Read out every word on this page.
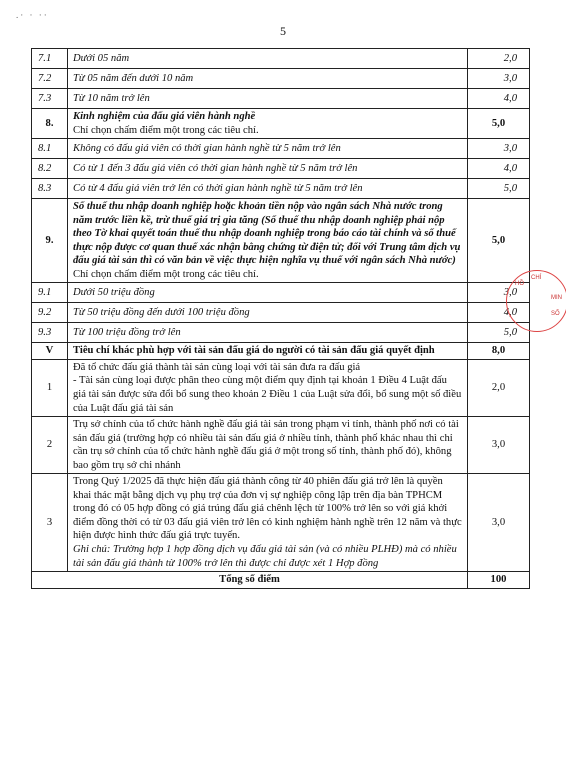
.· · ··
5
7.1	Dưới 05 năm	2,0
7.2	Từ 05 năm đến dưới 10 năm	3,0
7.3	Từ 10 năm trở lên	4,0
8.	Kinh nghiệm của đấu giá viên hành nghề
Chỉ chọn chấm điểm một trong các tiêu chí.	5,0
8.1	Không có đấu giá viên có thời gian hành nghề từ 5 năm trở lên	3,0
8.2	Có từ 1 đến 3 đấu giá viên có thời gian hành nghề từ 5 năm trở lên	4,0
8.3	Có từ 4 đấu giá viên trở lên có thời gian hành nghề từ 5 năm trở lên	5,0
9.	Số thuế thu nhập doanh nghiệp hoặc khoản tiền nộp vào ngân sách Nhà nước trong năm trước liền kề, trừ thuế giá trị gia tăng (Số thuế thu nhập doanh nghiệp phải nộp theo Tờ khai quyết toán thuế thu nhập doanh nghiệp trong báo cáo tài chính và số thuế thực nộp được cơ quan thuế xác nhận bằng chứng từ điện tử; đối với Trung tâm dịch vụ đấu giá tài sản thì có văn bản về việc thực hiện nghĩa vụ thuế với ngân sách Nhà nước)
Chỉ chọn chấm điểm một trong các tiêu chí.	5,0
9.1	Dưới 50 triệu đồng	3,0
9.2	Từ 50 triệu đồng đến dưới 100 triệu đồng	4,0
9.3	Từ 100 triệu đồng trở lên	5,0
V	Tiêu chí khác phù hợp với tài sản đấu giá do người có tài sản đấu giá quyết định	8,0
1	Đã tổ chức đấu giá thành tài sản cùng loại với tài sản đưa ra đấu giá
- Tài sản cùng loại được phân theo cùng một điểm quy định tại khoản 1 Điều 4 Luật đấu giá tài sản được sửa đổi bổ sung theo khoản 2 Điều 1 của Luật sửa đổi, bổ sung một số điều của Luật đấu giá tài sản	2,0
2	Trụ sở chính của tổ chức hành nghề đấu giá tài sản trong phạm vi tỉnh, thành phố nơi có tài sản đấu giá (trường hợp có nhiều tài sản đấu giá ở nhiều tỉnh, thành phố khác nhau thì chỉ cần trụ sở chính của tổ chức hành nghề đấu giá ở một trong số tỉnh, thành phố đó), không bao gồm trụ sở chi nhánh	3,0
3	Trong Quý 1/2025 đã thực hiện đấu giá thành công từ 40 phiên đấu giá trở lên là quyền khai thác mặt bằng dịch vụ phụ trợ của đơn vị sự nghiệp công lập trên địa bàn TPHCM trong đó có 05 hợp đồng có giá trúng đấu giá chênh lệch từ 100% trở lên so với giá khởi điểm đồng thời có từ 03 đấu giá viên trở lên có kinh nghiệm hành nghề trên 12 năm và thực hiện được hình thức đấu giá trực tuyến.
Ghi chú: Trường hợp 1 hợp đồng dịch vụ đấu giá tài sản (và có nhiều PLHĐ) mà có nhiều tài sản đấu giá thành từ 100% trở lên thì được chỉ được xét 1 Hợp đồng	3,0
Tổng số điểm		100
HỒ
CHÍ
MIN
SỐ
